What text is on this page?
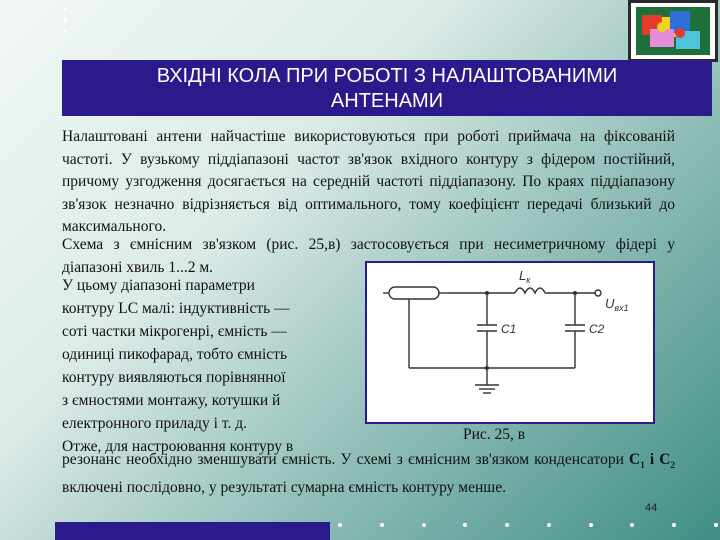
ВХІДНІ КОЛА ПРИ РОБОТІ З НАЛАШТОВАНИМИ
АНТЕНАМИ
Налаштовані антени найчастіше використовуються при роботі приймача на фіксованій частоті. У вузькому піддіапазоні частот зв'язок вхідного контуру з фідером постійний, причому узгодження досягається на середній частоті піддіапазону. По краях піддіапазону зв'язок незначно відрізняється від оптимального, тому коефіцієнт передачі близький до максимального.
Схема з ємнісним зв'язком (рис. 25,в) застосовується при несиметричному фідері у діапазоні хвиль 1...2 м.
У цьому діапазоні параметри
контуру LC малі: індуктивність —
соті частки мікрогенрі, ємність —
одиниці пикофарад, тобто ємність
контуру виявляються порівнянної
з ємностями монтажу, котушки й
електронного приладу і т. д.
Отже, для настроювання контуру в
$L_к$
C1	C2
$U_{вх1}$
Рис. 25, в
резонанс необхідно зменшувати ємність. У схемі з ємнісним зв'язком конденсатори $С_1$ і $С_2$ включені послідовно, у результаті сумарна ємність контуру менше.
44
